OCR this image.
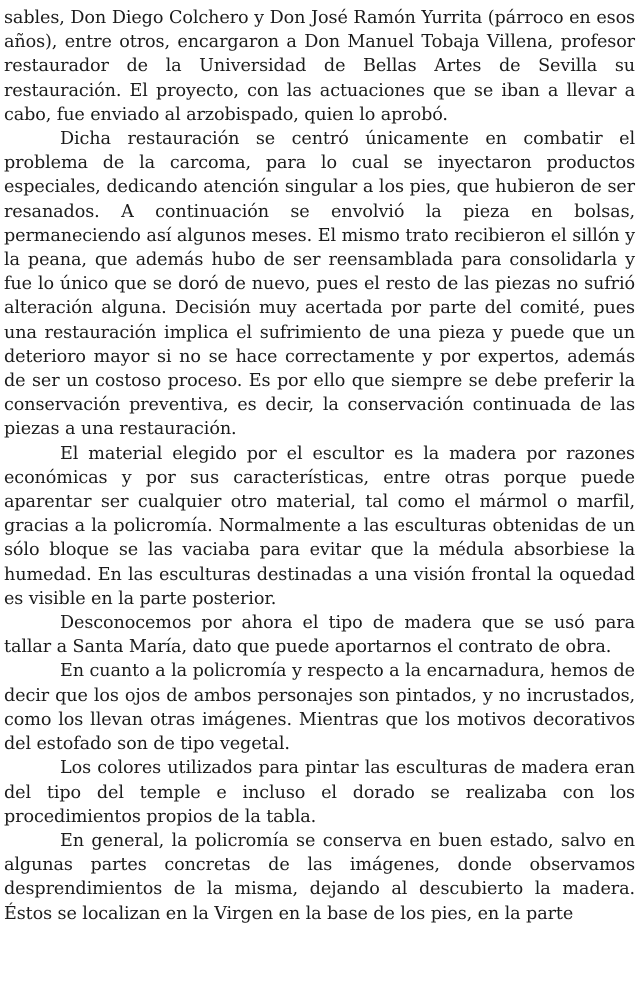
sables, Don Diego Colchero y Don José Ramón Yurrita (párroco en esos años), entre otros, encargaron a Don Manuel Tobaja Villena, profesor restaurador de la Universidad de Bellas Artes de Sevilla su restauración. El proyecto, con las actuaciones que se iban a llevar a cabo, fue enviado al arzobispado, quien lo aprobó.

Dicha restauración se centró únicamente en combatir el problema de la carcoma, para lo cual se inyectaron productos especiales, dedicando atención singular a los pies, que hubieron de ser resanados. A continuación se envolvió la pieza en bolsas, permaneciendo así algunos meses. El mismo trato recibieron el sillón y la peana, que además hubo de ser reensamblada para consolidarla y fue lo único que se doró de nuevo, pues el resto de las piezas no sufrió alteración alguna. Decisión muy acertada por parte del comité, pues una restauración implica el sufrimiento de una pieza y puede que un deterioro mayor si no se hace correctamente y por expertos, además de ser un costoso proceso. Es por ello que siempre se debe preferir la conservación preventiva, es decir, la conservación continuada de las piezas a una restauración.

El material elegido por el escultor es la madera por razones económicas y por sus características, entre otras porque puede aparentar ser cualquier otro material, tal como el mármol o marfil, gracias a la policromía. Normalmente a las esculturas obtenidas de un sólo bloque se las vaciaba para evitar que la médula absorbiese la humedad. En las esculturas destinadas a una visión frontal la oquedad es visible en la parte posterior.

Desconocemos por ahora el tipo de madera que se usó para tallar a Santa María, dato que puede aportarnos el contrato de obra.

En cuanto a la policromía y respecto a la encarnadura, hemos de decir que los ojos de ambos personajes son pintados, y no incrustados, como los llevan otras imágenes. Mientras que los motivos decorativos del estofado son de tipo vegetal.

Los colores utilizados para pintar las esculturas de madera eran del tipo del temple e incluso el dorado se realizaba con los procedimientos propios de la tabla.

En general, la policromía se conserva en buen estado, salvo en algunas partes concretas de las imágenes, donde observamos desprendimientos de la misma, dejando al descubierto la madera. Éstos se localizan en la Virgen en la base de los pies, en la parte
